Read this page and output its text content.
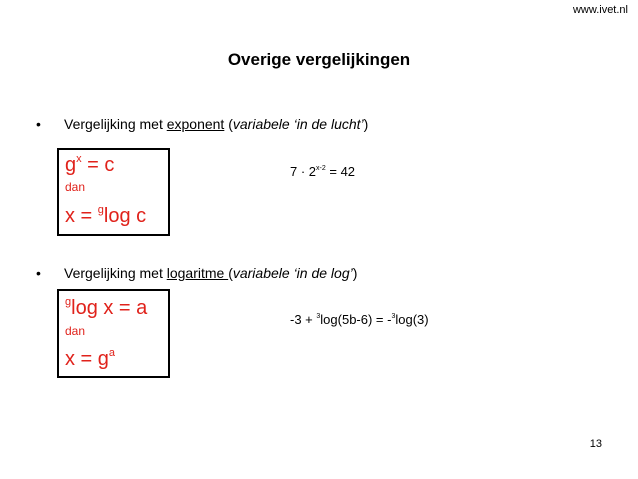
www.ivet.nl
Overige vergelijkingen
• Vergelijking met exponent (variabele ‘in de lucht’)
$g^x = c$
dan
x = $^g$log c
$7 \cdot 2^{x-2} = 42$
• Vergelijking met logaritme (variabele ‘in de log’)
$^g$log x = a
dan
$x = g^a$
-3 + $^3$log(5b-6) = -$^3$log(3)
13
